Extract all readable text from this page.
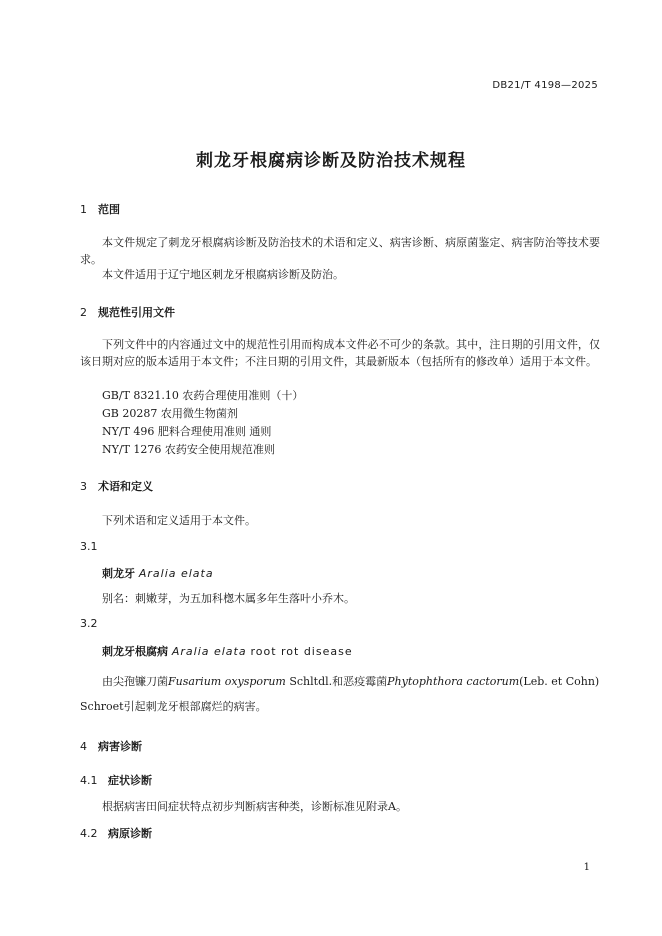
DB21/T 4198—2025
刺龙牙根腐病诊断及防治技术规程
1 范围
本文件规定了刺龙牙根腐病诊断及防治技术的术语和定义、病害诊断、病原菌鉴定、病害防治等技术要求。
本文件适用于辽宁地区刺龙牙根腐病诊断及防治。
2 规范性引用文件
下列文件中的内容通过文中的规范性引用而构成本文件必不可少的条款。其中，注日期的引用文件，仅该日期对应的版本适用于本文件；不注日期的引用文件，其最新版本（包括所有的修改单）适用于本文件。
GB/T 8321.10 农药合理使用准则（十）
GB 20287 农用微生物菌剂
NY/T 496 肥料合理使用准则 通则
NY/T 1276 农药安全使用规范准则
3 术语和定义
下列术语和定义适用于本文件。
3.1
刺龙牙 Aralia elata
别名：刺嫩芽，为五加科楤木属多年生落叶小乔木。
3.2
刺龙牙根腐病 Aralia elata root rot disease
由尖孢镰刀菌Fusarium oxysporum Schltdl.和恶疫霉菌Phytophthora cactorum (Leb. et Cohn)
Schroet引起刺龙牙根部腐烂的病害。
4 病害诊断
4.1 症状诊断
根据病害田间症状特点初步判断病害种类，诊断标准见附录A。
4.2 病原诊断
1
